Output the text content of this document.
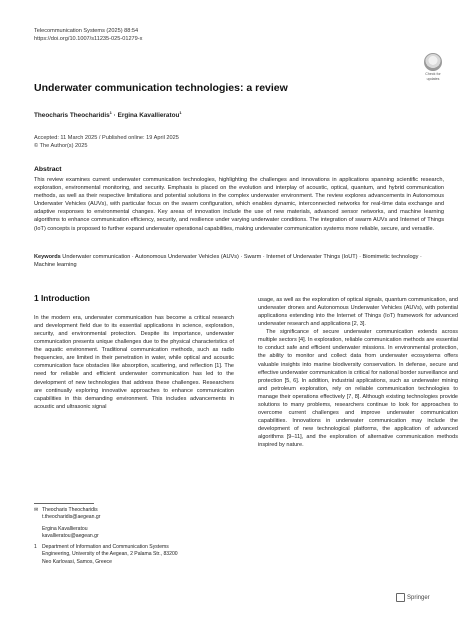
Telecommunication Systems (2025) 88:54
https://doi.org/10.1007/s11235-025-01279-x
Check for
updates
Underwater communication technologies: a review
Theocharis Theocharidis$^1$ · Ergina Kavallieratou$^1$
Accepted: 11 March 2025 / Published online: 19 April 2025
© The Author(s) 2025
Abstract
This review examines current underwater communication technologies, highlighting the challenges and innovations in applications spanning scientific research, exploration, environmental monitoring, and security. Emphasis is placed on the evolution and interplay of acoustic, optical, quantum, and hybrid communication methods, as well as their respective limitations and potential solutions in the complex underwater environment. The review explores advancements in Autonomous Underwater Vehicles (AUVs), with particular focus on the swarm configuration, which enables dynamic, interconnected networks for real-time data exchange and adaptive responses to environmental changes. Key areas of innovation include the use of new materials, advanced sensor networks, and machine learning algorithms to enhance communication efficiency, security, and resilience under varying underwater conditions. The integration of swarm AUVs and Internet of Things (IoT) concepts is proposed to further expand underwater operational capabilities, making underwater communication systems more reliable, secure, and versatile.
Keywords Underwater communication · Autonomous Underwater Vehicles (AUVs) · Swarm · Internet of Underwater Things (IoUT) · Biomimetic technology · Machine learning
1 Introduction

In the modern era, underwater communication has become a critical research and development field due to its essential applications in science, exploration, security, and environmental protection. Despite its importance, underwater communication presents unique challenges due to the physical characteristics of the aquatic environment. Traditional communication methods, such as radio frequencies, are limited in their penetration in water, while optical and acoustic communication face obstacles like absorption, scattering, and reflection [1]. The need for reliable and efficient underwater communication has led to the development of new technologies that address these challenges. Researchers are continually exploring innovative approaches to enhance communication capabilities in this demanding environment. This includes advancements in acoustic and ultrasonic signal

usage, as well as the exploration of optical signals, quantum communication, and underwater drones and Autonomous Underwater Vehicles (AUVs), with potential applications extending into the Internet of Things (IoT) framework for advanced underwater research and applications [2, 3].

The significance of secure underwater communication extends across multiple sectors [4]. In exploration, reliable communication methods are essential to conduct safe and efficient underwater missions. In environmental protection, the ability to monitor and collect data from underwater ecosystems offers valuable insights into marine biodiversity conservation. In defense, secure and effective underwater communication is critical for national border surveillance and protection [5, 6]. In addition, industrial applications, such as underwater mining and petroleum exploration, rely on reliable communication technologies to manage their operations effectively [7, 8]. Although existing technologies provide solutions to many problems, researchers continue to look for approaches to overcome current challenges and improve underwater communication capabilities. Innovations in underwater communication may include the development of new technological platforms, the application of advanced algorithms [9–11], and the exploration of alternative communication methods inspired by nature.

✉ Theocharis Theocharidis
t.theocharidis@aegean.gr
Ergina Kavallieratou
kavallieratou@aegean.gr
1	Department of Information and Communication Systems
Engineering, University of the Aegean, 2 Palama Str., 83200
Neo Karlovasi, Samos, Greece
Springer
